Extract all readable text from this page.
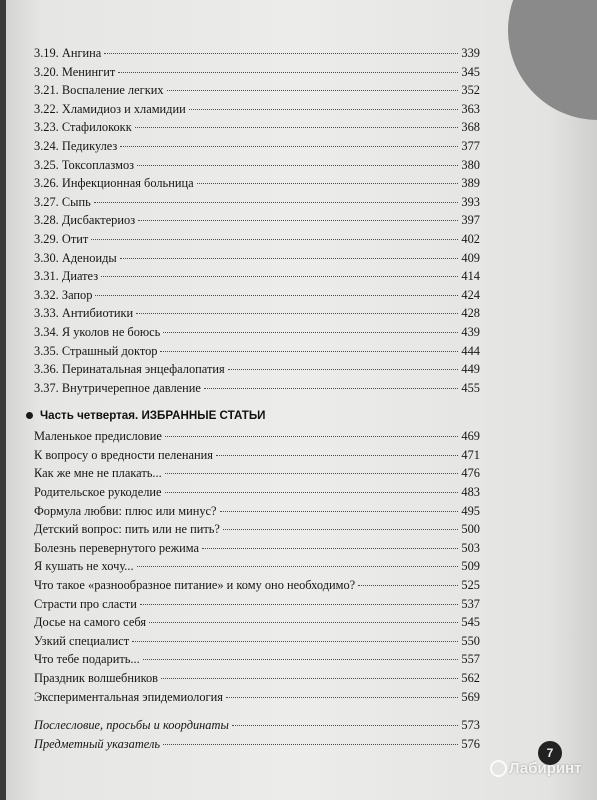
3.19. Ангина	339
3.20. Менингит	345
3.21. Воспаление легких	352
3.22. Хламидиоз и хламидии	363
3.23. Стафилококк	368
3.24. Педикулез	377
3.25. Токсоплазмоз	380
3.26. Инфекционная больница	389
3.27. Сыпь	393
3.28. Дисбактериоз	397
3.29. Отит	402
3.30. Аденоиды	409
3.31. Диатез	414
3.32. Запор	424
3.33. Антибиотики	428
3.34. Я уколов не боюсь	439
3.35. Страшный доктор	444
3.36. Перинатальная энцефалопатия	449
3.37. Внутричерепное давление	455
Часть четвертая. ИЗБРАННЫЕ СТАТЬИ
Маленькое предисловие	469
К вопросу о вредности пеленания	471
Как же мне не плакать...	476
Родительское рукоделие	483
Формула любви: плюс или минус?	495
Детский вопрос: пить или не пить?	500
Болезнь перевернутого режима	503
Я кушать не хочу...	509
Что такое «разнообразное питание» и кому оно необходимо?	525
Страсти про сласти	537
Досье на самого себя	545
Узкий специалист	550
Что тебе подарить...	557
Праздник волшебников	562
Экспериментальная эпидемиология	569
Послесловие, просьбы и координаты	573
Предметный указатель	576
7
Лабиринт
